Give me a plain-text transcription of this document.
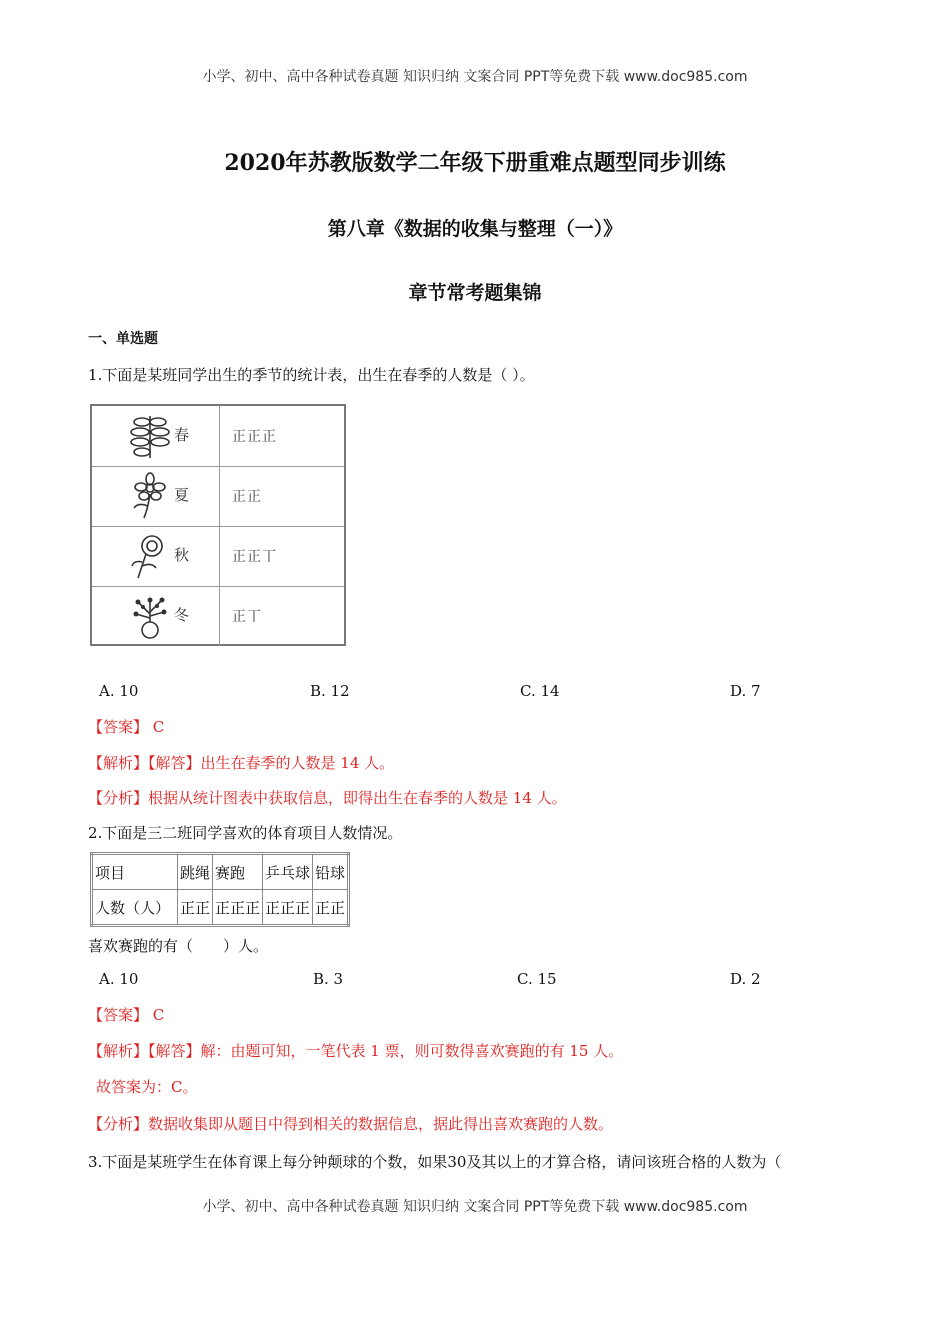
小学、初中、高中各种试卷真题 知识归纳 文案合同 PPT等免费下载 www.doc985.com
2020年苏教版数学二年级下册重难点题型同步训练
第八章《数据的收集与整理（一）》
章节常考题集锦
一、单选题
1.下面是某班同学出生的季节的统计表，出生在春季的人数是（ ）。
春	正正正
夏	正正
秋	正正丅
冬	正丅
A. 10	B. 12	C. 14	D. 7
【答案】 C
【解析】【解答】出生在春季的人数是 14 人。
【分析】根据从统计图表中获取信息，即得出生在春季的人数是 14 人。
2.下面是三二班同学喜欢的体育项目人数情况。
项目	跳绳	赛跑	乒乓球	铅球
人数（人）	正正	正正正	正正正	正正
喜欢赛跑的有（　　）人。
A. 10	B. 3	C. 15	D. 2
【答案】 C
【解析】【解答】解：由题可知，一笔代表 1 票，则可数得喜欢赛跑的有 15 人。
故答案为：C。
【分析】数据收集即从题目中得到相关的数据信息，据此得出喜欢赛跑的人数。
3.下面是某班学生在体育课上每分钟颠球的个数，如果30及其以上的才算合格，请问该班合格的人数为（
小学、初中、高中各种试卷真题 知识归纳 文案合同 PPT等免费下载 www.doc985.com
